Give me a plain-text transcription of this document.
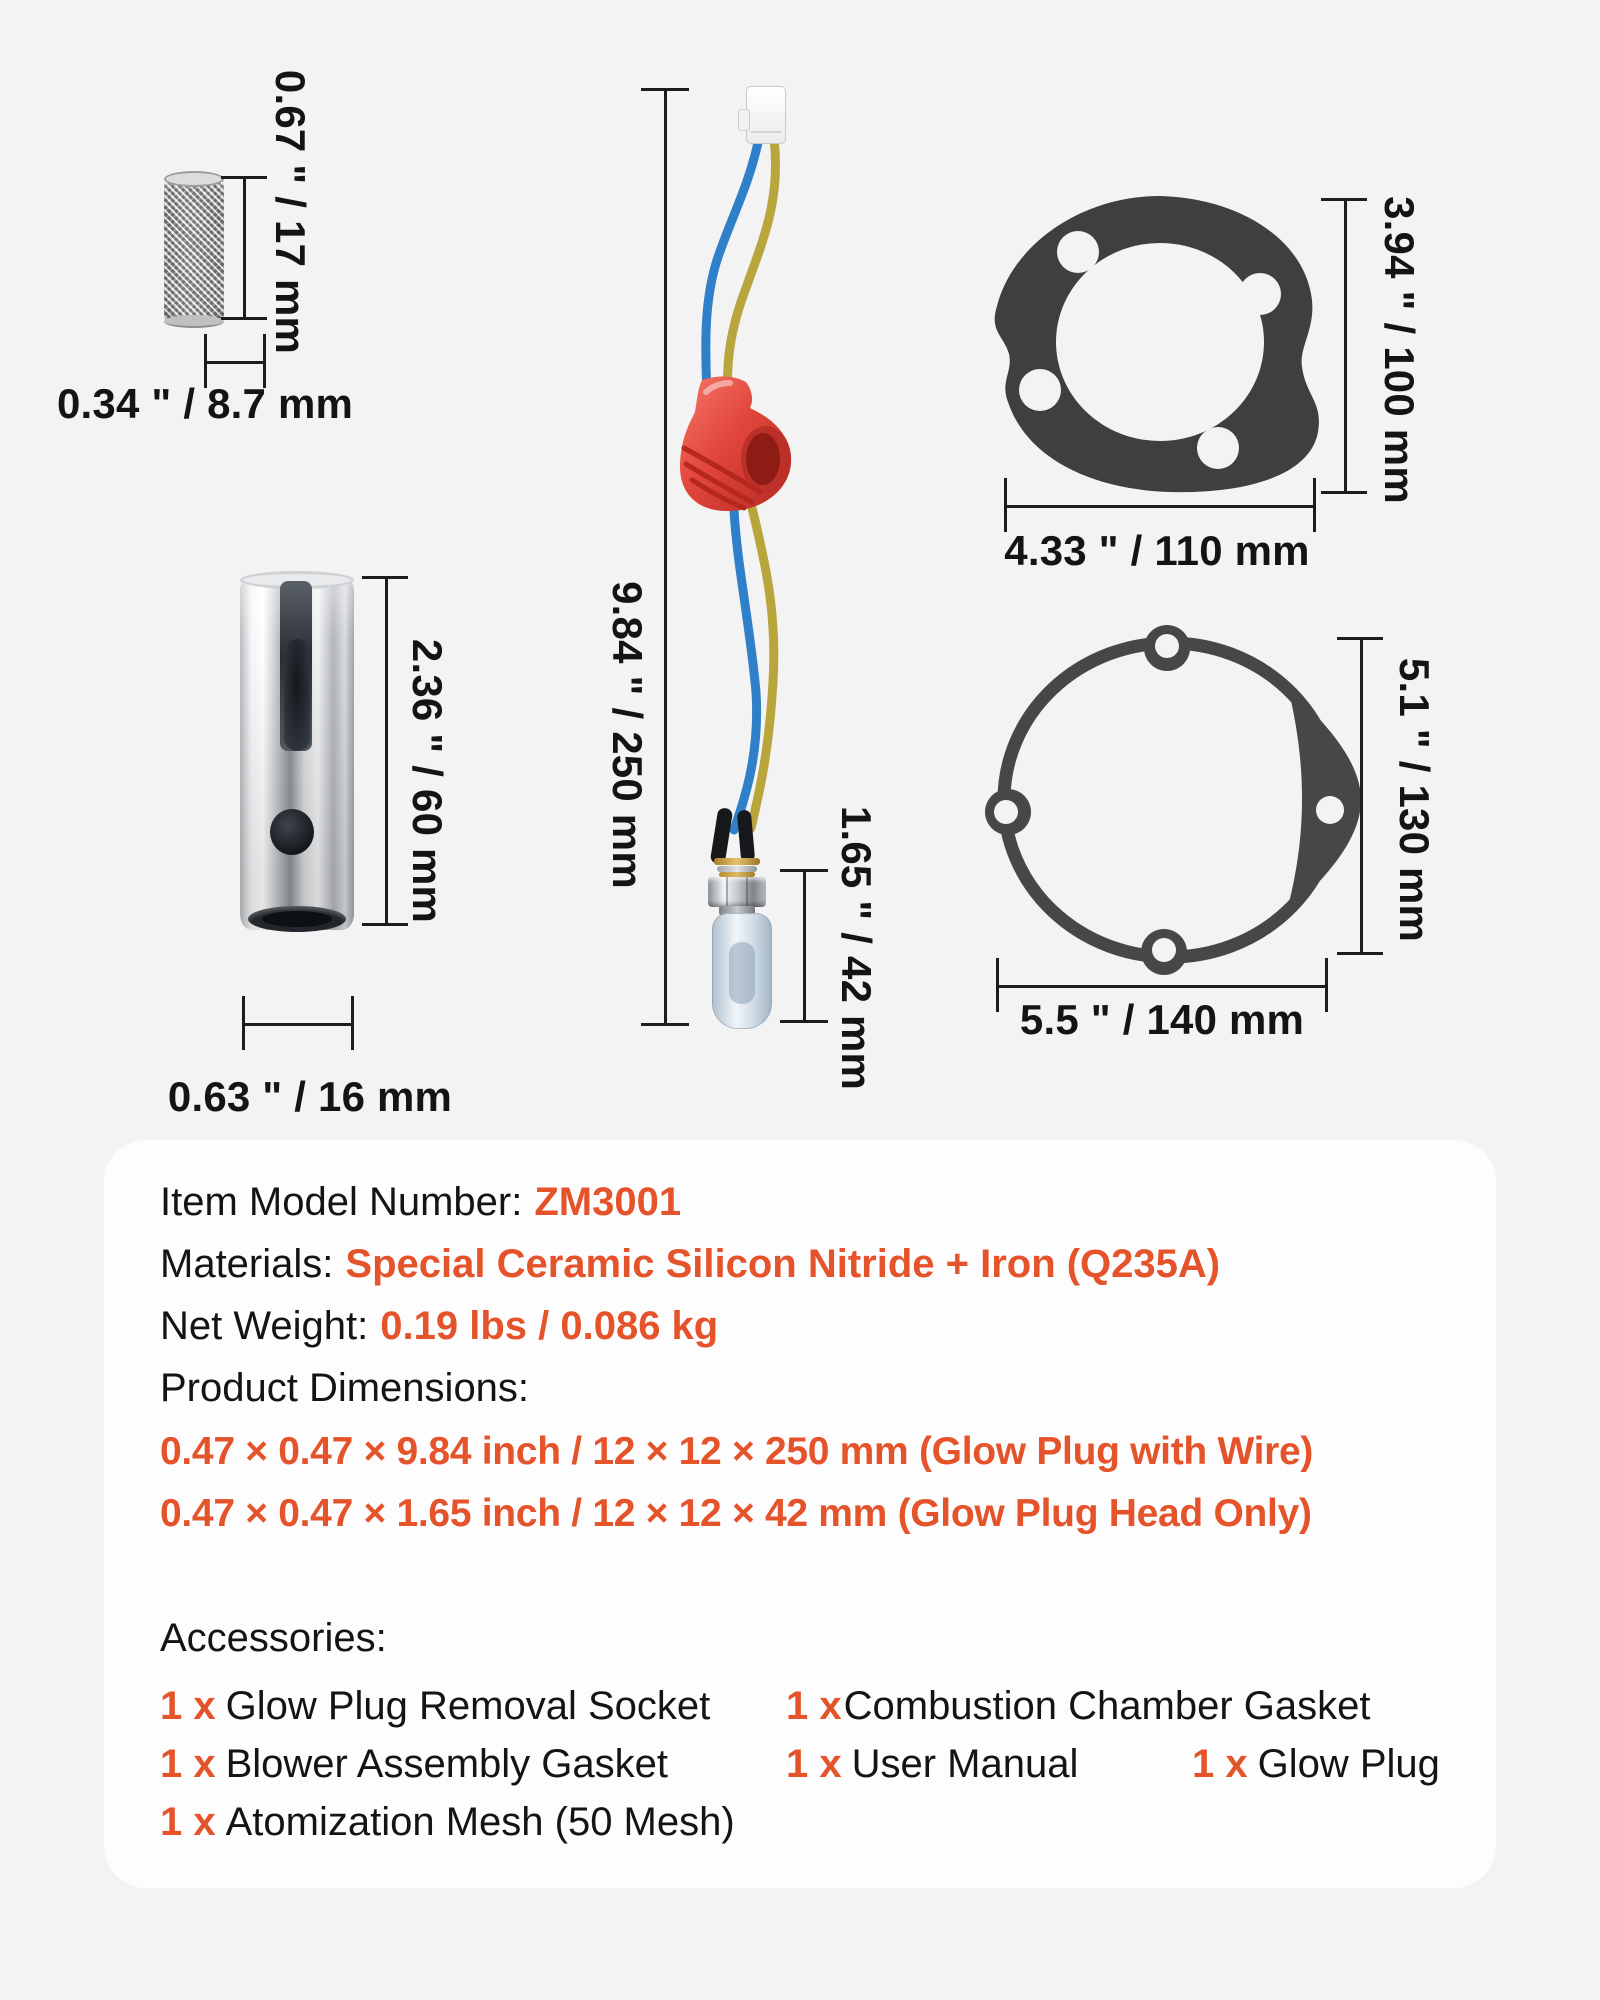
0.67 " / 17 mm
0.34 " / 8.7 mm
2.36 " / 60 mm
0.63 " / 16 mm
9.84 " / 250 mm
1.65 " / 42 mm
3.94 " / 100 mm
4.33 " / 110 mm
5.1 " / 130 mm
5.5 " / 140 mm
Item Model Number: ZM3001
Materials: Special Ceramic Silicon Nitride + Iron (Q235A)
Net Weight: 0.19 lbs / 0.086 kg
Product Dimensions:
0.47 × 0.47 × 9.84 inch / 12 × 12 × 250 mm (Glow Plug with Wire)
0.47 × 0.47 × 1.65 inch / 12 × 12 × 42 mm (Glow Plug Head Only)
Accessories:
1 x Glow Plug Removal Socket 1 xCombustion Chamber Gasket
1 x Blower Assembly Gasket	1 x User Manual	1 x Glow Plug
1 x Atomization Mesh (50 Mesh)
